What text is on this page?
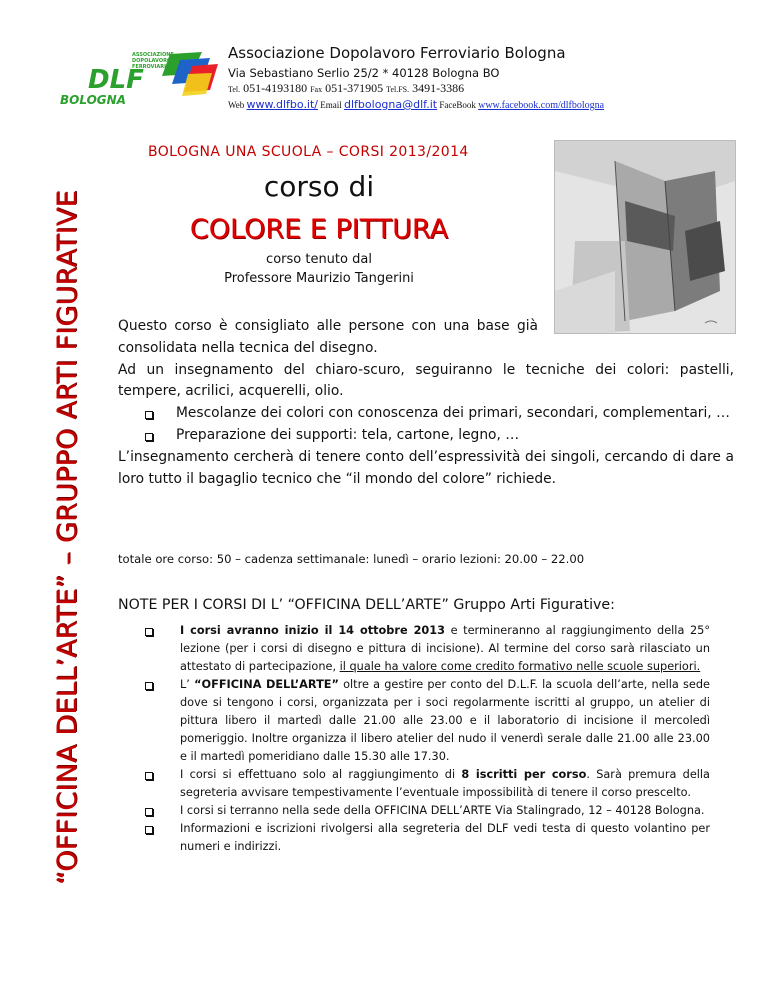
“OFFICINA DELL’ARTE” – GRUPPO ARTI FIGURATIVE
ASSOCIAZIONE
DOPOLAVORO
FERROVIARIO
DLF
BOLOGNA
Associazione Dopolavoro Ferroviario Bologna
Via Sebastiano Serlio 25/2 * 40128 Bologna BO
Tel. 051-4193180 Fax 051-371905 Tel.FS. 3491-3386
Web www.dlfbo.it/ Email dlfbologna@dlf.it FaceBook www.facebook.com/dlfbologna
BOLOGNA UNA SCUOLA – CORSI 2013/2014
corso di
COLORE E PITTURA
corso tenuto dal
Professore Maurizio Tangerini

Questo corso è consigliato alle persone con una base già consolidata nella tecnica del disegno.

Ad un insegnamento del chiaro-scuro, seguiranno le tecniche dei colori: pastelli, tempere, acrilici, acquerelli, olio.

Mescolanze dei colori con conoscenza dei primari, secondari, complementari, …
Preparazione dei supporti: tela, cartone, legno, …

L’insegnamento cercherà di tenere conto dell’espressività dei singoli, cercando di dare a loro tutto il bagaglio tecnico che “il mondo del colore” richiede.

totale ore corso: 50 – cadenza settimanale: lunedì – orario lezioni: 20.00 – 22.00
NOTE PER I CORSI DI L’ “OFFICINA DELL’ARTE” Gruppo Arti Figurative:
I corsi avranno inizio il 14 ottobre 2013 e termineranno al raggiungimento della 25° lezione (per i corsi di disegno e pittura di incisione). Al termine del corso sarà rilasciato un attestato di partecipazione, il quale ha valore come credito formativo nelle scuole superiori.
L’ “OFFICINA DELL’ARTE” oltre a gestire per conto del D.L.F. la scuola dell’arte, nella sede dove si tengono i corsi, organizzata per i soci regolarmente iscritti al gruppo, un atelier di pittura libero il martedì dalle 21.00 alle 23.00 e il laboratorio di incisione il mercoledì pomeriggio. Inoltre organizza il libero atelier del nudo il venerdì serale dalle 21.00 alle 23.00 e il martedì pomeridiano dalle 15.30 alle 17.30.
I corsi si effettuano solo al raggiungimento di 8 iscritti per corso. Sarà premura della segreteria avvisare tempestivamente l’eventuale impossibilità di tenere il corso prescelto.
I corsi si terranno nella sede della OFFICINA DELL’ARTE Via Stalingrado, 12 – 40128 Bologna.
Informazioni e iscrizioni rivolgersi alla segreteria del DLF vedi testa di questo volantino per numeri e indirizzi.
